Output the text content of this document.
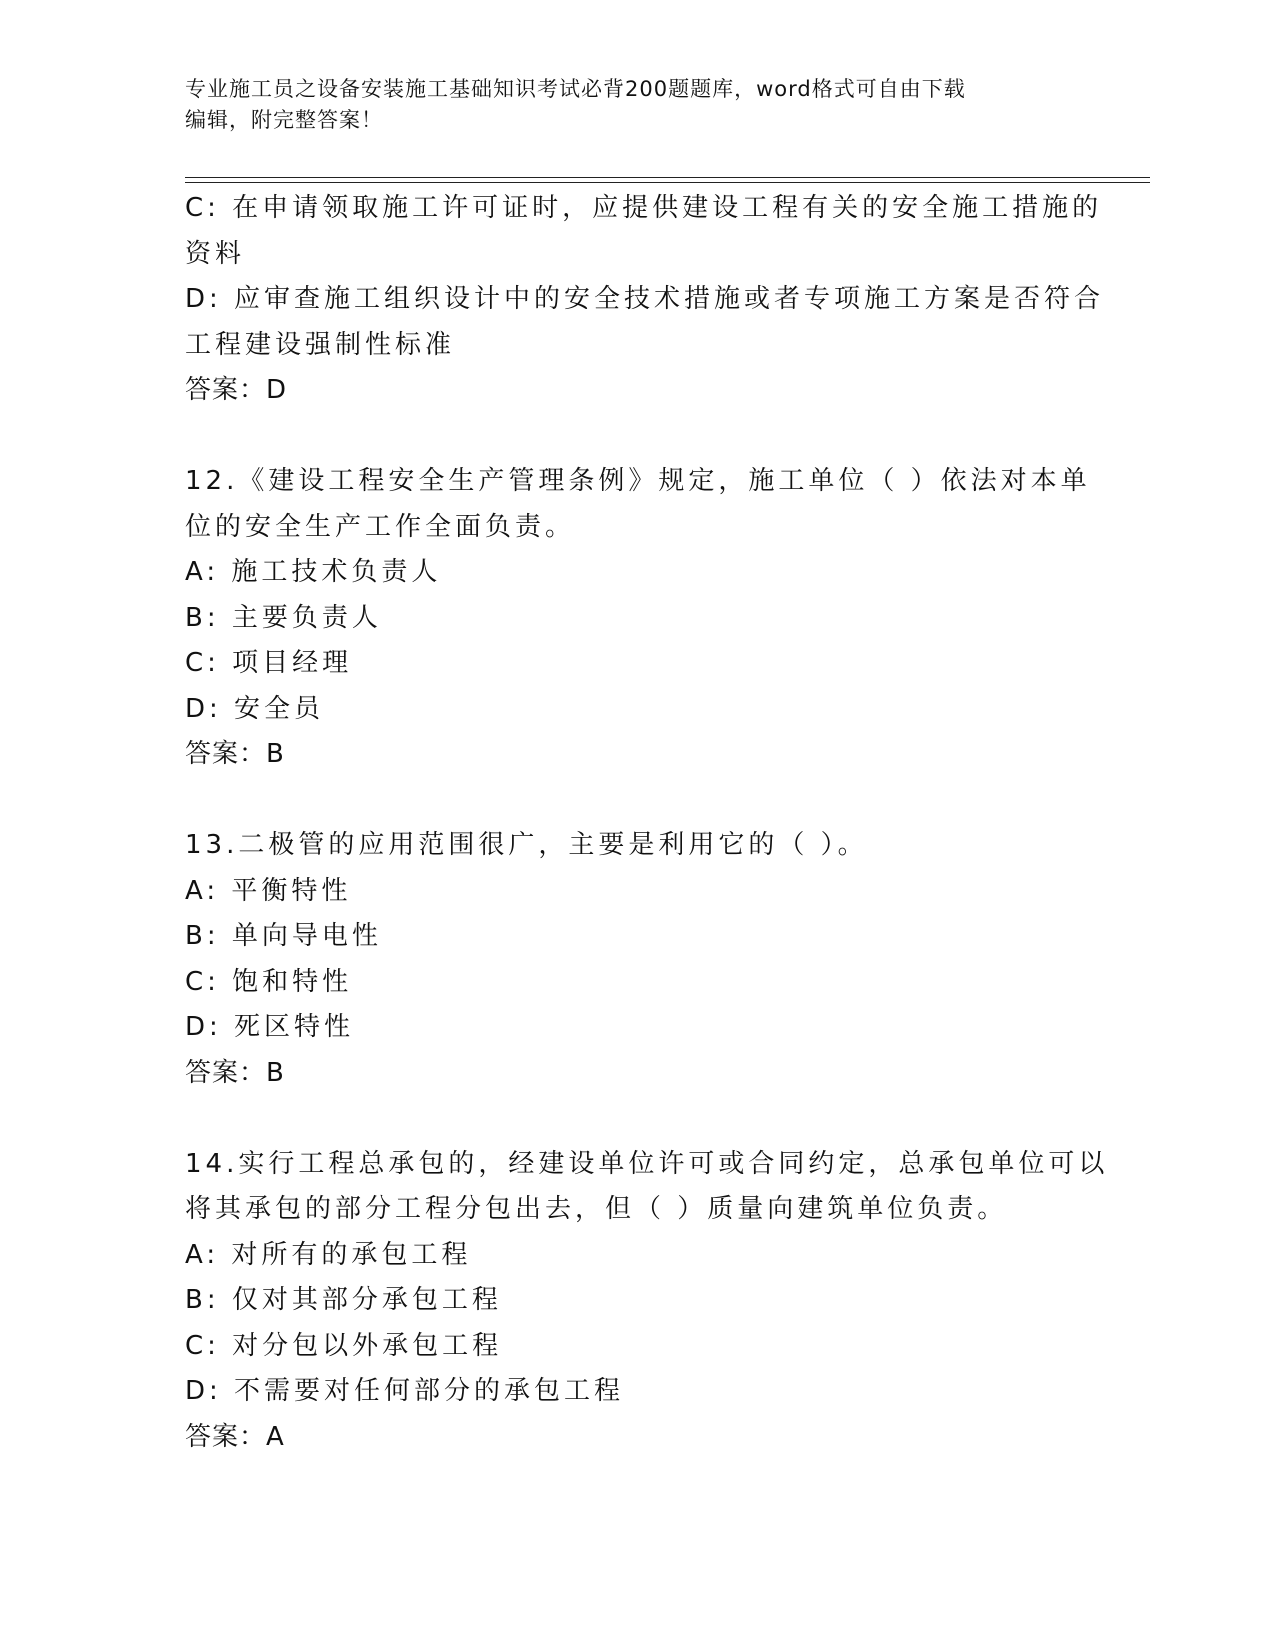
专业施工员之设备安装施工基础知识考试必背200题题库，word格式可自由下载
编辑，附完整答案！
C: 在申请领取施工许可证时，应提供建设工程有关的安全施工措施的
资料
D: 应审查施工组织设计中的安全技术措施或者专项施工方案是否符合
工程建设强制性标准
答案：D
12.《建设工程安全生产管理条例》规定，施工单位（ ）依法对本单
位的安全生产工作全面负责。
A: 施工技术负责人
B: 主要负责人
C: 项目经理
D: 安全员
答案：B
13.二极管的应用范围很广，主要是利用它的（ ）。
A: 平衡特性
B: 单向导电性
C: 饱和特性
D: 死区特性
答案：B
14.实行工程总承包的，经建设单位许可或合同约定，总承包单位可以
将其承包的部分工程分包出去，但（ ）质量向建筑单位负责。
A: 对所有的承包工程
B: 仅对其部分承包工程
C: 对分包以外承包工程
D: 不需要对任何部分的承包工程
答案：A
